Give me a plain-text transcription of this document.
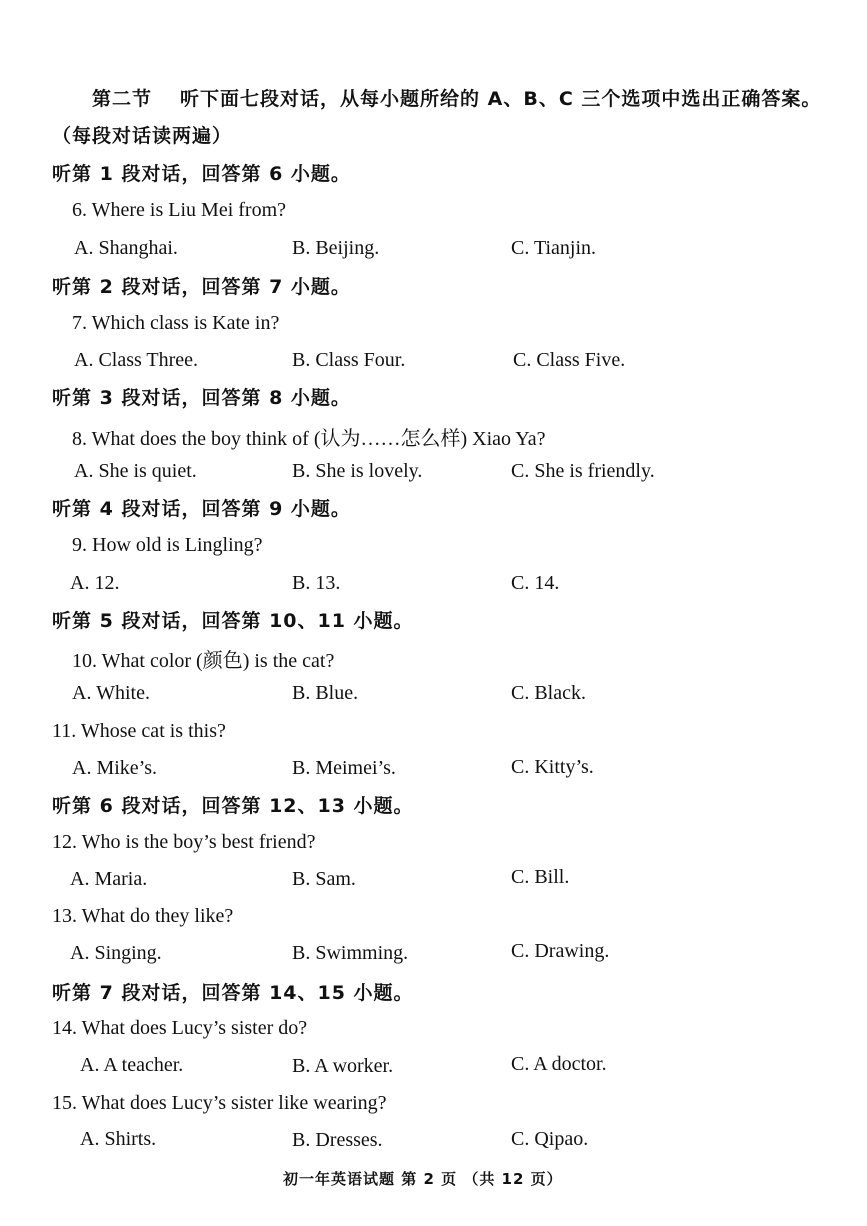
第二节 听下面七段对话，从每小题所给的 A、B、C 三个选项中选出正确答案。
（每段对话读两遍）
听第 1 段对话，回答第 6 小题。
6. Where is Liu Mei from?
A. Shanghai.	B. Beijing.	C. Tianjin.
听第 2 段对话，回答第 7 小题。
7. Which class is Kate in?
A. Class Three.	B. Class Four.	C. Class Five.
听第 3 段对话，回答第 8 小题。
8. What does the boy think of (认为……怎么样) Xiao Ya?
A. She is quiet.	B. She is lovely.	C. She is friendly.
听第 4 段对话，回答第 9 小题。
9. How old is Lingling?
A. 12.	B. 13.	C. 14.
听第 5 段对话，回答第 10、11 小题。
10. What color (颜色) is the cat?
A. White.	B. Blue.	C. Black.
11. Whose cat is this?
A. Mike’s.	B. Meimei’s.	C. Kitty’s.
听第 6 段对话，回答第 12、13 小题。
12. Who is the boy’s best friend?
A. Maria.	B. Sam.	C. Bill.
13. What do they like?
A. Singing.	B. Swimming.	C. Drawing.
听第 7 段对话，回答第 14、15 小题。
14. What does Lucy’s sister do?
A. A teacher.	B. A worker.	C. A doctor.
15. What does Lucy’s sister like wearing?
A. Shirts.	B. Dresses.	C. Qipao.
初一年英语试题 第 2 页 （共 12 页）
